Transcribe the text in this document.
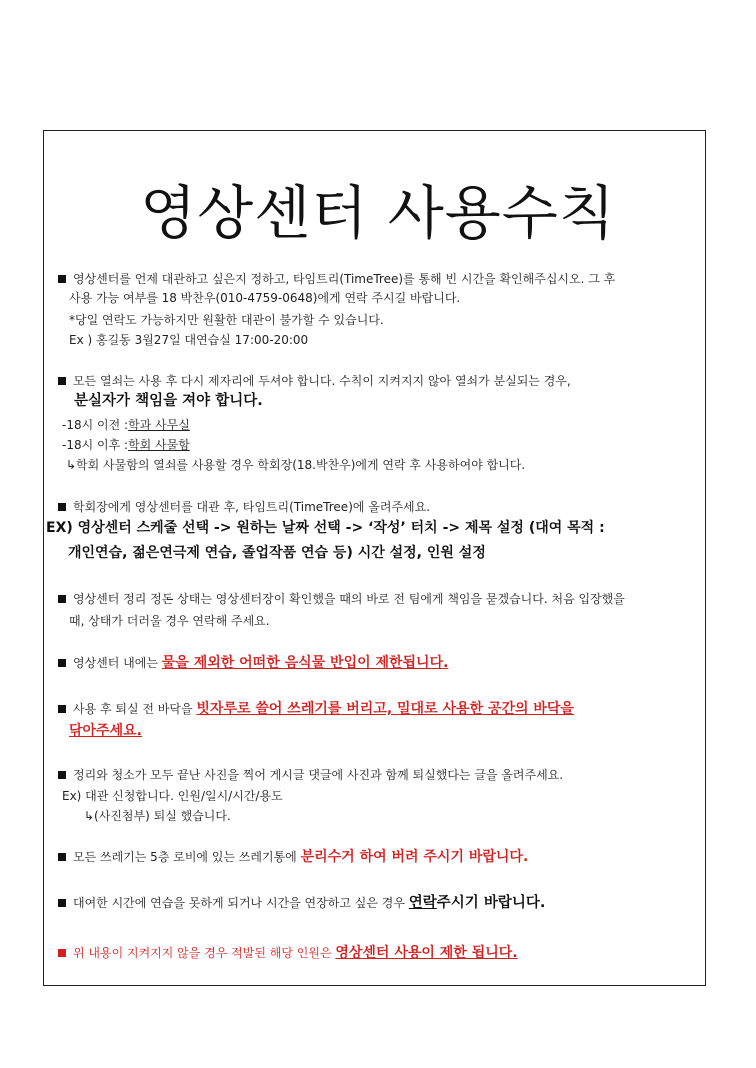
영상센터 사용수칙
영상센터를 언제 대관하고 싶은지 정하고, 타임트리(TimeTree)를 통해 빈 시간을 확인해주십시오. 그 후
사용 가능 여부를 18 박찬우(010-4759-0648)에게 연락 주시길 바랍니다.
*당일 연락도 가능하지만 원활한 대관이 불가할 수 있습니다.
Ex ) 홍길동 3월27일 대연습실 17:00-20:00
모든 열쇠는 사용 후 다시 제자리에 두셔야 합니다. 수칙이 지켜지지 않아 열쇠가 분실되는 경우,
분실자가 책임을 져야 합니다.
-18시 이전 :학과 사무실
-18시 이후 :학회 사물함
↳학회 사물함의 열쇠를 사용할 경우 학회장(18.박찬우)에게 연락 후 사용하여야 합니다.
학회장에게 영상센터를 대관 후, 타임트리(TimeTree)에 올려주세요.
EX) 영상센터 스케줄 선택 -> 원하는 날짜 선택 -> ‘작성’ 터치 -> 제목 설정 (대여 목적 :
개인연습, 젊은연극제 연습, 졸업작품 연습 등) 시간 설정, 인원 설정
영상센터 정리 정돈 상태는 영상센터장이 확인했을 때의 바로 전 팀에게 책임을 묻겠습니다. 처음 입장했을
때, 상태가 더러울 경우 연락해 주세요.
영상센터 내에는 물을 제외한 어떠한 음식물 반입이 제한됩니다.
사용 후 퇴실 전 바닥을 빗자루로 쓸어 쓰레기를 버리고, 밀대로 사용한 공간의 바닥을
닦아주세요.
정리와 청소가 모두 끝난 사진을 찍어 게시글 댓글에 사진과 함께 퇴실했다는 글을 올려주세요.
Ex) 대관 신청합니다. 인원/일시/시간/용도
↳(사진첨부) 퇴실 했습니다.
모든 쓰레기는 5층 로비에 있는 쓰레기통에 분리수거 하여 버려 주시기 바랍니다.
대여한 시간에 연습을 못하게 되거나 시간을 연장하고 싶은 경우 연락주시기 바랍니다.
위 내용이 지켜지지 않을 경우 적발된 해당 인원은 영상센터 사용이 제한 됩니다.
